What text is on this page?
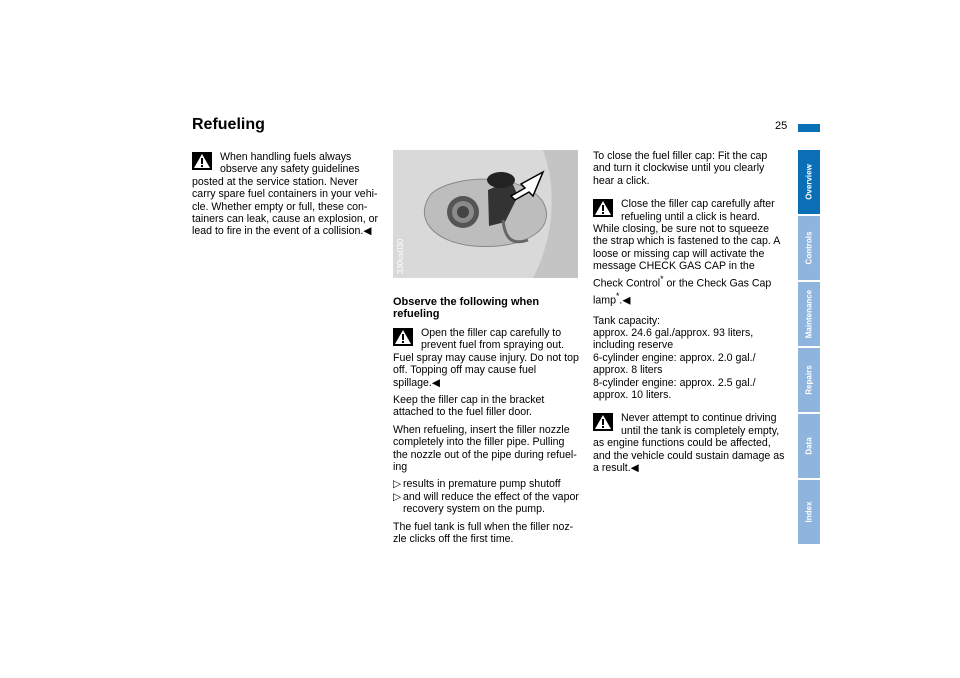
Refueling	25
Overview
Controls
Maintenance
Repairs
Data
Index
When handling fuels always
observe any safety guidelines
posted at the service station. Never carry spare fuel containers in your vehi-cle. Whether empty or full, these con-tainers can leak, cause an explosion, or lead to fire in the event of a collision.◀
330us030
Observe the following when refueling
Open the filler cap carefully to
prevent fuel from spraying out.
Fuel spray may cause injury. Do not top off. Topping off may cause fuel spillage.◀

Keep the filler cap in the bracket attached to the fuel filler door.

When refueling, insert the filler nozzle completely into the filler pipe. Pulling the nozzle out of the pipe during refuel-ing

▷ results in premature pump shutoff
▷ and will reduce the effect of the vapor recovery system on the pump.

The fuel tank is full when the filler noz-zle clicks off the first time.

To close the fuel filler cap: Fit the cap and turn it clockwise until you clearly hear a click.

Close the filler cap carefully after
refueling until a click is heard.
While closing, be sure not to squeeze the strap which is fastened to the cap. A loose or missing cap will activate the message CHECK GAS CAP in the Check Control* or the Check Gas Cap lamp*.◀
Tank capacity:
approx. 24.6 gal./approx. 93 liters, including reserve
6-cylinder engine: approx. 2.0 gal./ approx. 8 liters
8-cylinder engine: approx. 2.5 gal./ approx. 10 liters.
Never attempt to continue driving
until the tank is completely empty,
as engine functions could be affected, and the vehicle could sustain damage as a result.◀
